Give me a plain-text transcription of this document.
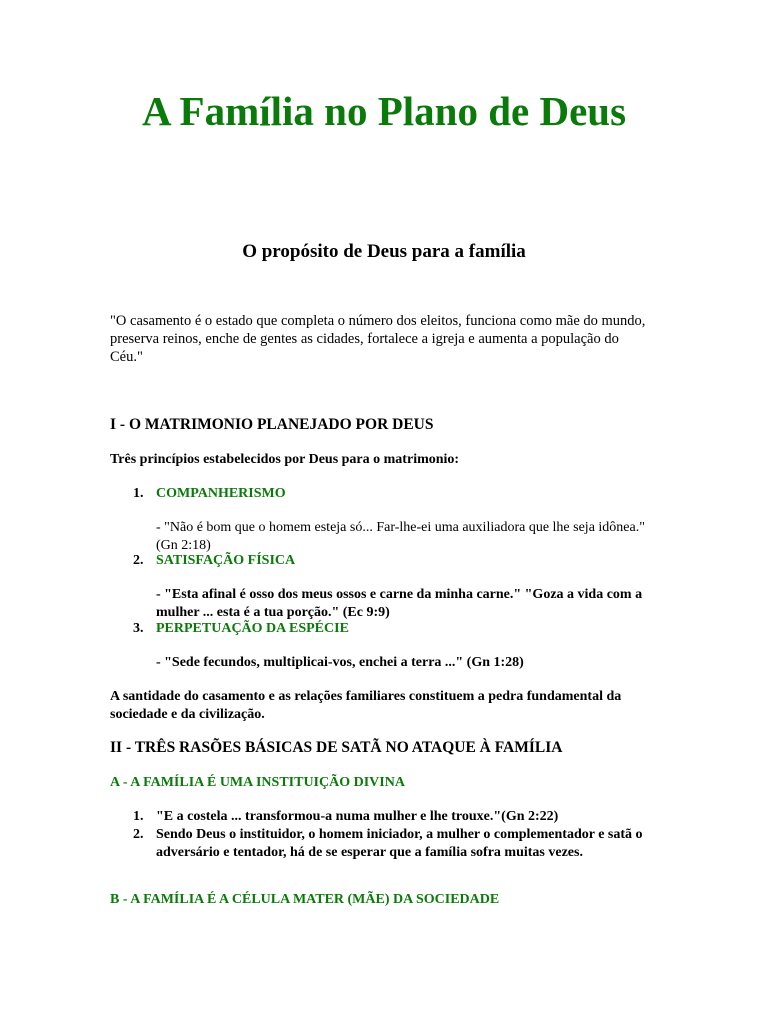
A Família no Plano de Deus
O propósito de Deus para a família
"O casamento é o estado que completa o número dos eleitos, funciona como mãe do mundo, preserva reinos, enche de gentes as cidades, fortalece a igreja e aumenta a população do Céu."
I - O MATRIMONIO PLANEJADO POR DEUS
Três princípios estabelecidos por Deus para o matrimonio:
1. COMPANHERISMO
- "Não é bom que o homem esteja só... Far-lhe-ei uma auxiliadora que lhe seja idônea." (Gn 2:18)
2. SATISFAÇÃO FÍSICA
- "Esta afinal é osso dos meus ossos e carne da minha carne." "Goza a vida com a mulher ... esta é a tua porção." (Ec 9:9)
3. PERPETUAÇÃO DA ESPÉCIE
- "Sede fecundos, multiplicai-vos, enchei a terra ..." (Gn 1:28)
A santidade do casamento e as relações familiares constituem a pedra fundamental da sociedade e da civilização.
II - TRÊS RASÕES BÁSICAS DE SATÃ NO ATAQUE À FAMÍLIA
A - A FAMÍLIA É UMA INSTITUIÇÃO DIVINA
1. "E a costela ... transformou-a numa mulher e lhe trouxe."(Gn 2:22)
2. Sendo Deus o instituidor, o homem iniciador, a mulher o complementador e satã o adversário e tentador, há de se esperar que a família sofra muitas vezes.
B - A FAMÍLIA É A CÉLULA MATER (MÃE) DA SOCIEDADE
